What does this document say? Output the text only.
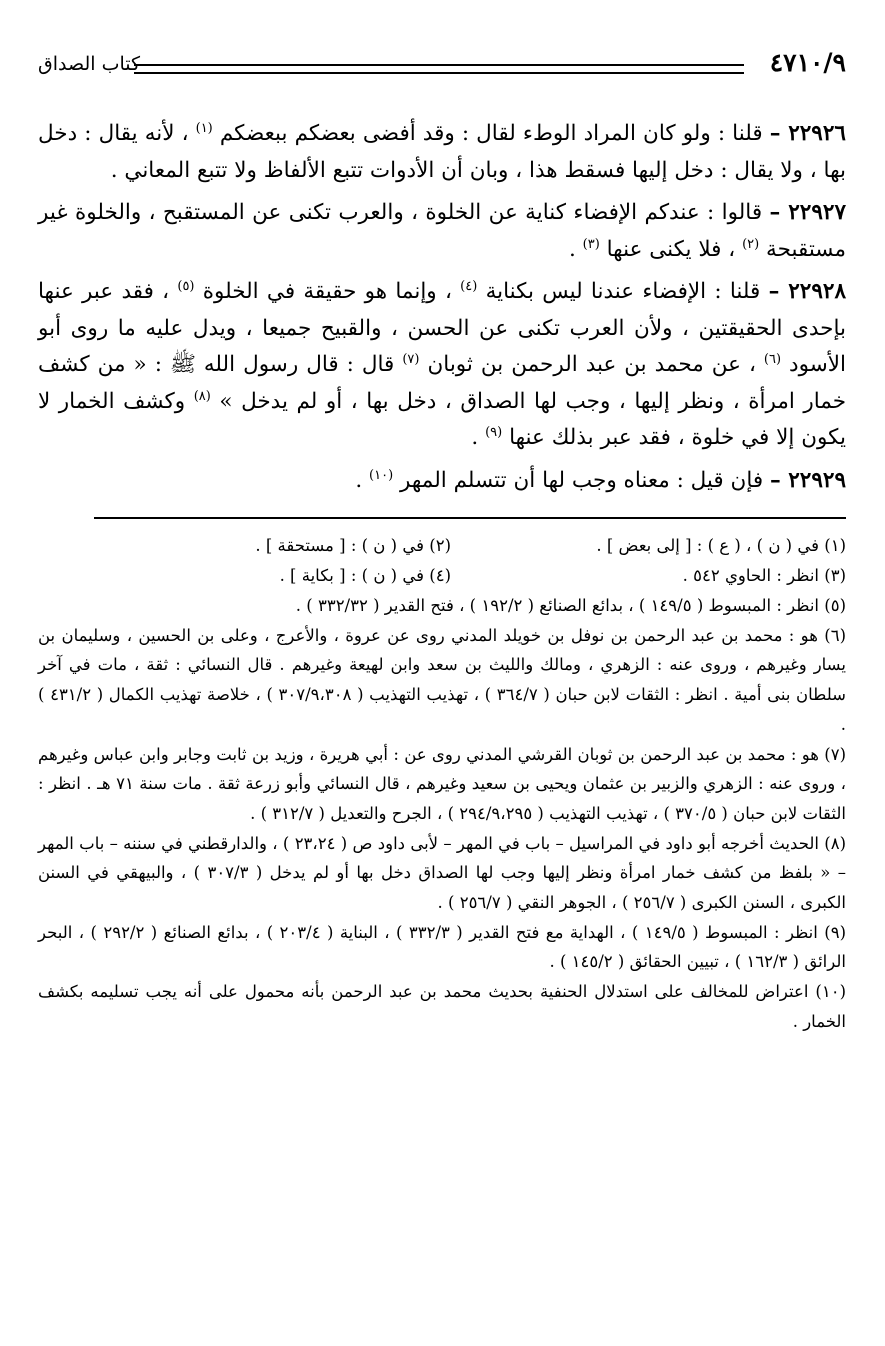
٤٧١٠/٩
كتاب الصداق

٢٢٩٢٦ – قلنا : ولو كان المراد الوطء لقال : وقد أفضى بعضكم ببعضكم $^{(١)}$ ، لأنه يقال : دخل بها ، ولا يقال : دخل إليها فسقط هذا ، وبان أن الأدوات تتبع الألفاظ ولا تتبع المعاني .

٢٢٩٢٧ – قالوا : عندكم الإفضاء كناية عن الخلوة ، والعرب تكنى عن المستقبح ، والخلوة غير مستقبحة $^{(٢)}$ ، فلا يكنى عنها $^{(٣)}$ .

٢٢٩٢٨ – قلنا : الإفضاء عندنا ليس بكناية $^{(٤)}$ ، وإنما هو حقيقة في الخلوة $^{(٥)}$ ، فقد عبر عنها بإحدى الحقيقتين ، ولأن العرب تكنى عن الحسن ، والقبيح جميعا ، ويدل عليه ما روى أبو الأسود $^{(٦)}$ ، عن محمد بن عبد الرحمن بن ثوبان $^{(٧)}$ قال : قال رسول الله ﷺ : « من كشف خمار امرأة ، ونظر إليها ، وجب لها الصداق ، دخل بها ، أو لم يدخل » $^{(٨)}$ وكشف الخمار لا يكون إلا في خلوة ، فقد عبر بذلك عنها $^{(٩)}$ .

٢٢٩٢٩ – فإن قيل : معناه وجب لها أن تتسلم المهر $^{(١٠)}$ .

(١) في ( ن ) ، ( ع ) : [ إلى بعض ] .
(٢) في ( ن ) : [ مستحقة ] .
(٣) انظر : الحاوي ٥٤٢ .
(٤) في ( ن ) : [ بكاية ] .
(٥) انظر : المبسوط ( ١٤٩/٥ ) ، بدائع الصنائع ( ١٩٢/٢ ) ، فتح القدير ( ٣٣٢/٣٢ ) .
(٦) هو : محمد بن عبد الرحمن بن نوفل بن خويلد المدني روى عن عروة ، والأعرج ، وعلى بن الحسين ، وسليمان بن يسار وغيرهم ، وروى عنه : الزهري ، ومالك والليث بن سعد وابن لهيعة وغيرهم . قال النسائي : ثقة ، مات في آخر سلطان بنى أمية . انظر : الثقات لابن حبان ( ٣٦٤/٧ ) ، تهذيب التهذيب ( ٣٠٧/٩،٣٠٨ ) ، خلاصة تهذيب الكمال ( ٤٣١/٢ ) .
(٧) هو : محمد بن عبد الرحمن بن ثوبان القرشي المدني روى عن : أبي هريرة ، وزيد بن ثابت وجابر وابن عباس وغيرهم ، وروى عنه : الزهري والزبير بن عثمان ويحيى بن سعيد وغيرهم ، قال النسائي وأبو زرعة ثقة . مات سنة ٧١ هـ . انظر : الثقات لابن حبان ( ٣٧٠/٥ ) ، تهذيب التهذيب ( ٢٩٤/٩،٢٩٥ ) ، الجرح والتعديل ( ٣١٢/٧ ) .
(٨) الحديث أخرجه أبو داود في المراسيل – باب في المهر – لأبى داود ص ( ٢٣،٢٤ ) ، والدارقطني في سننه – باب المهر – « بلفظ من كشف خمار امرأة ونظر إليها وجب لها الصداق دخل بها أو لم يدخل ( ٣٠٧/٣ ) ، والبيهقي في السنن الكبرى ، السنن الكبرى ( ٢٥٦/٧ ) ، الجوهر النقي ( ٢٥٦/٧ ) .
(٩) انظر : المبسوط ( ١٤٩/٥ ) ، الهداية مع فتح القدير ( ٣٣٢/٣ ) ، البناية ( ٢٠٣/٤ ) ، بدائع الصنائع ( ٢٩٢/٢ ) ، البحر الرائق ( ١٦٢/٣ ) ، تبيين الحقائق ( ١٤٥/٢ ) .
(١٠) اعتراض للمخالف على استدلال الحنفية بحديث محمد بن عبد الرحمن بأنه محمول على أنه يجب تسليمه بكشف الخمار .
